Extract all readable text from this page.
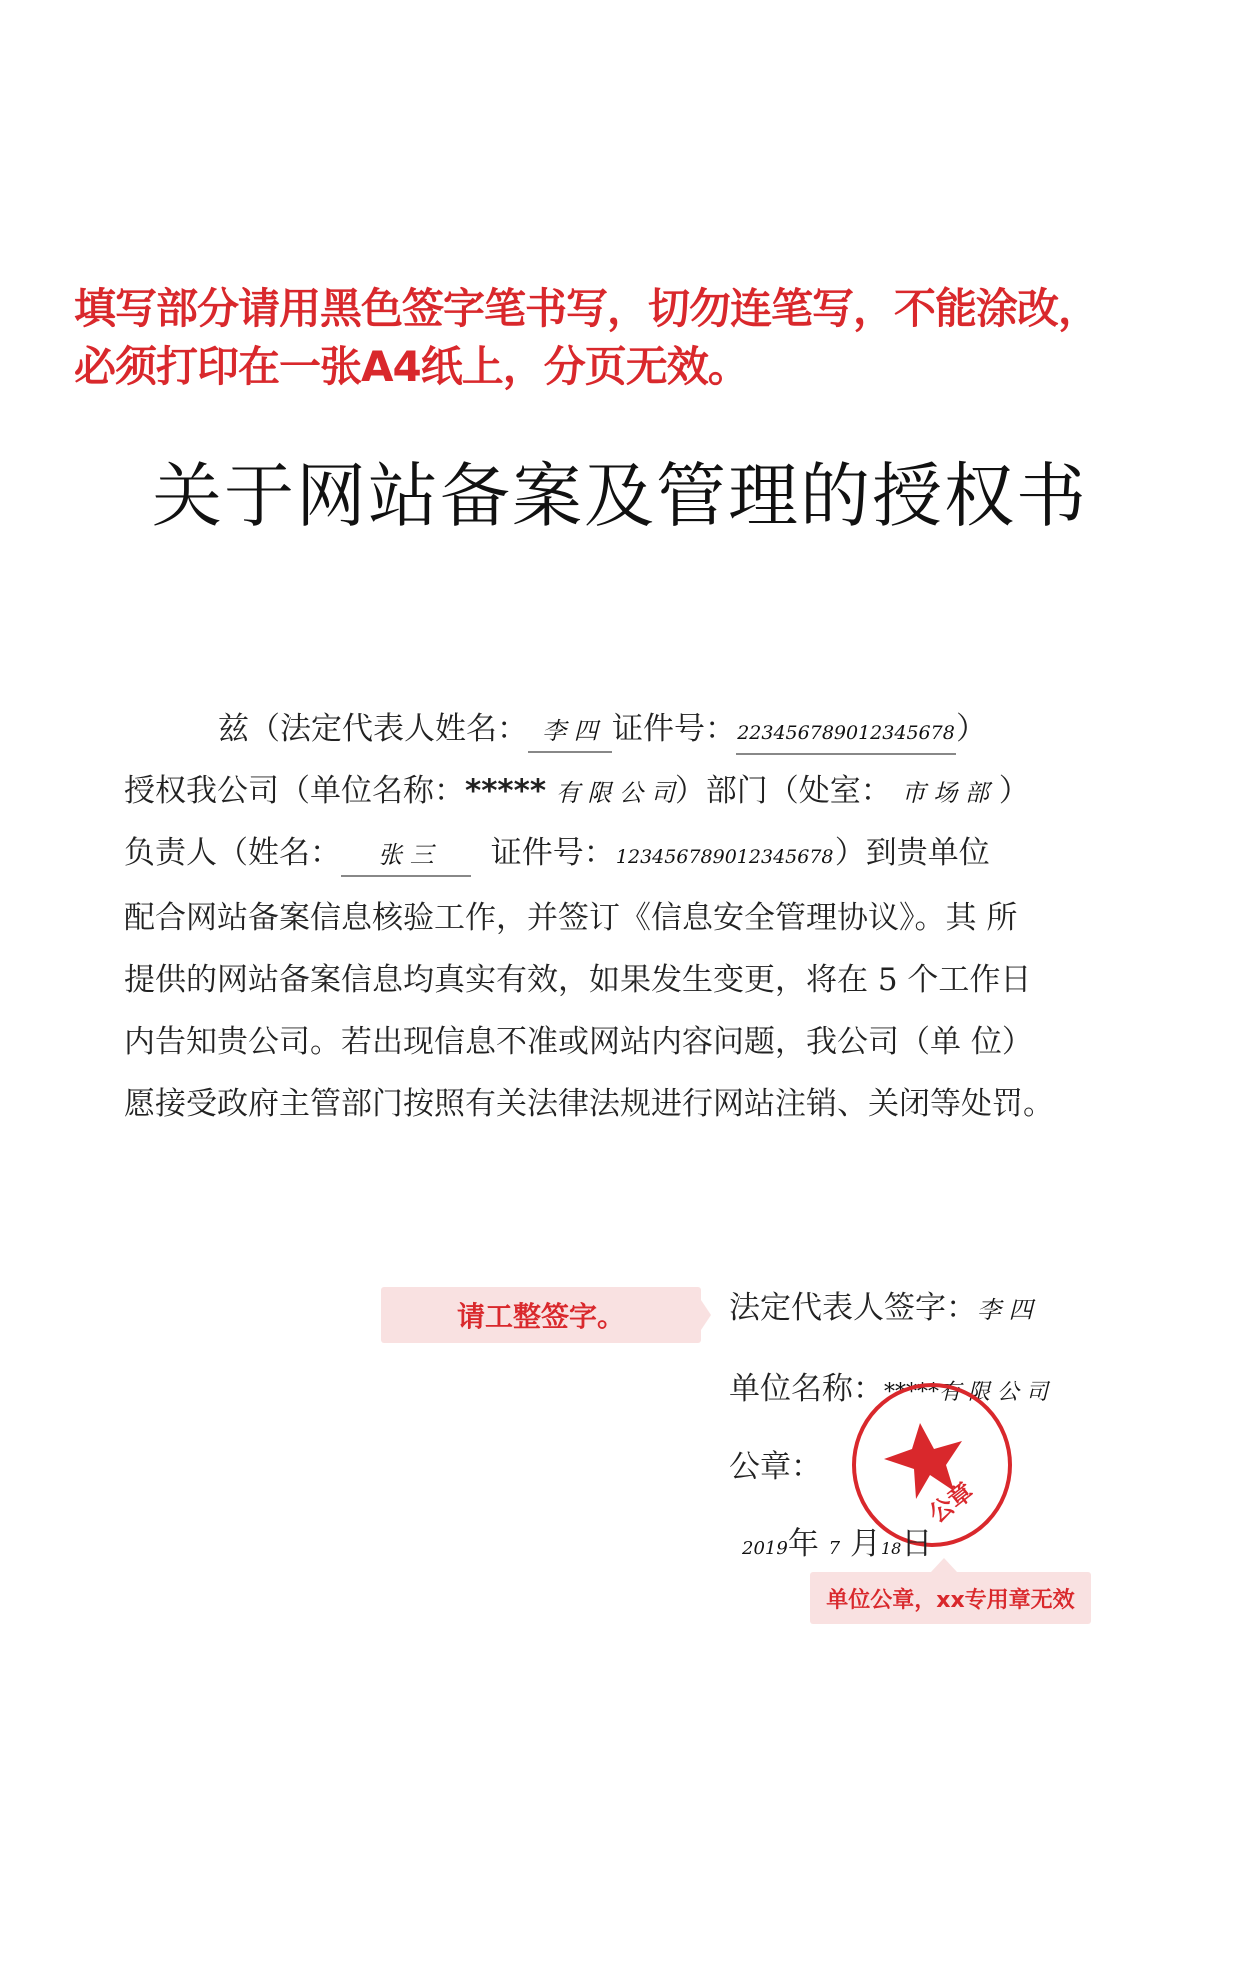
填写部分请用黑色签字笔书写，切勿连笔写，不能涂改，
必须打印在一张A4纸上，分页无效。
关于网站备案及管理的授权书
兹（法定代表人姓名： 李 四 证件号：223456789012345678）
授权我公司（单位名称：***** 有 限 公 司）部门（处室： 市 场 部 ）
负责人（姓名： 张 三 证件号：123456789012345678）到贵单位
配合网站备案信息核验工作，并签订《信息安全管理协议》。其 所
提供的网站备案信息均真实有效，如果发生变更，将在 5 个工作日
内告知贵公司。若出现信息不准或网站内容问题，我公司（单 位）
愿接受政府主管部门按照有关法律法规进行网站注销、关闭等处罚。
请工整签字。	法定代表人签字：李 四
单位名称：*****有 限 公 司
公章：
公章
2019年 7 月18日
单位公章，xx专用章无效
